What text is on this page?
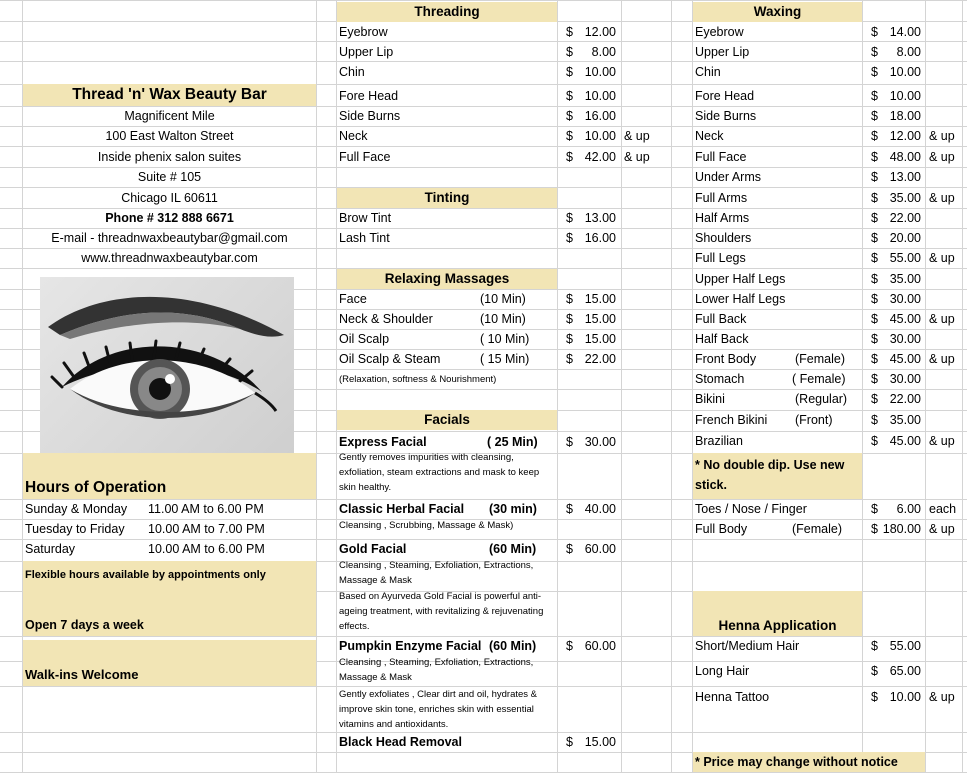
Thread 'n' Wax Beauty Bar
Magnificent Mile
100 East Walton Street
Inside phenix salon suites
Suite # 105
Chicago IL 60611
Phone # 312 888 6671
E-mail - threadnwaxbeautybar@gmail.com
www.threadnwaxbeautybar.com
Hours of Operation
Sunday & Monday	11.00 AM to 6.00 PM
Tuesday to Friday	10.00 AM to 7.00 PM
Saturday	10.00 AM to 6.00 PM
Flexible hours available by appointments only
Open 7 days a week
Walk-ins Welcome
Threading
Eyebrow	$ 12.00
Upper Lip	$ 8.00
Chin	$ 10.00
Fore Head	$ 10.00
Side Burns	$ 16.00
Neck	$ 10.00 & up
Full Face	$ 42.00 & up
Tinting
Brow Tint	$ 13.00
Lash Tint	$ 16.00
Relaxing Massages
Face	(10 Min)	$ 15.00
Neck & Shoulder	(10 Min)	$ 15.00
Oil Scalp	( 10 Min)	$ 15.00
Oil Scalp & Steam	( 15 Min)	$ 22.00
(Relaxation, softness & Nourishment)
Facials
Express Facial	( 25 Min)	$ 30.00
Gently removes impurities with cleansing, exfoliation, steam extractions and mask to keep skin healthy.
Classic Herbal Facial	(30 min)	$ 40.00
Cleansing , Scrubbing, Massage & Mask)
Gold Facial	(60 Min)	$ 60.00
Cleansing , Steaming, Exfoliation, Extractions, Massage & Mask
Based on Ayurveda Gold Facial is powerful anti-ageing treatment, with revitalizing & rejuvenating effects.
Pumpkin Enzyme Facial (60 Min)	$ 60.00
Cleansing , Steaming, Exfoliation, Extractions, Massage & Mask
Gently exfoliates , Clear dirt and oil, hydrates & improve skin tone, enriches skin with essential vitamins and antioxidants.
Black Head Removal	$ 15.00
Waxing
Eyebrow	$ 14.00
Upper Lip	$ 8.00
Chin	$ 10.00
Fore Head	$ 10.00
Side Burns	$ 18.00
Neck	$ 12.00 & up
Full Face	$ 48.00 & up
Under Arms	$ 13.00
Full Arms	$ 35.00 & up
Half Arms	$ 22.00
Shoulders	$ 20.00
Full Legs	$ 55.00 & up
Upper Half Legs	$ 35.00
Lower Half Legs	$ 30.00
Full Back	$ 45.00 & up
Half Back	$ 30.00
Front Body	(Female)	$ 45.00 & up
Stomach	( Female)	$ 30.00
Bikini	(Regular)	$ 22.00
French Bikini	(Front)	$ 35.00
Brazilian	$ 45.00 & up
* No double dip. Use new stick.
Toes / Nose / Finger	$ 6.00 each
Full Body	(Female)	$ 180.00 & up
Henna Application
Short/Medium Hair	$ 55.00
Long Hair	$ 65.00
Henna Tattoo	$ 10.00 & up
* Price may change without notice
